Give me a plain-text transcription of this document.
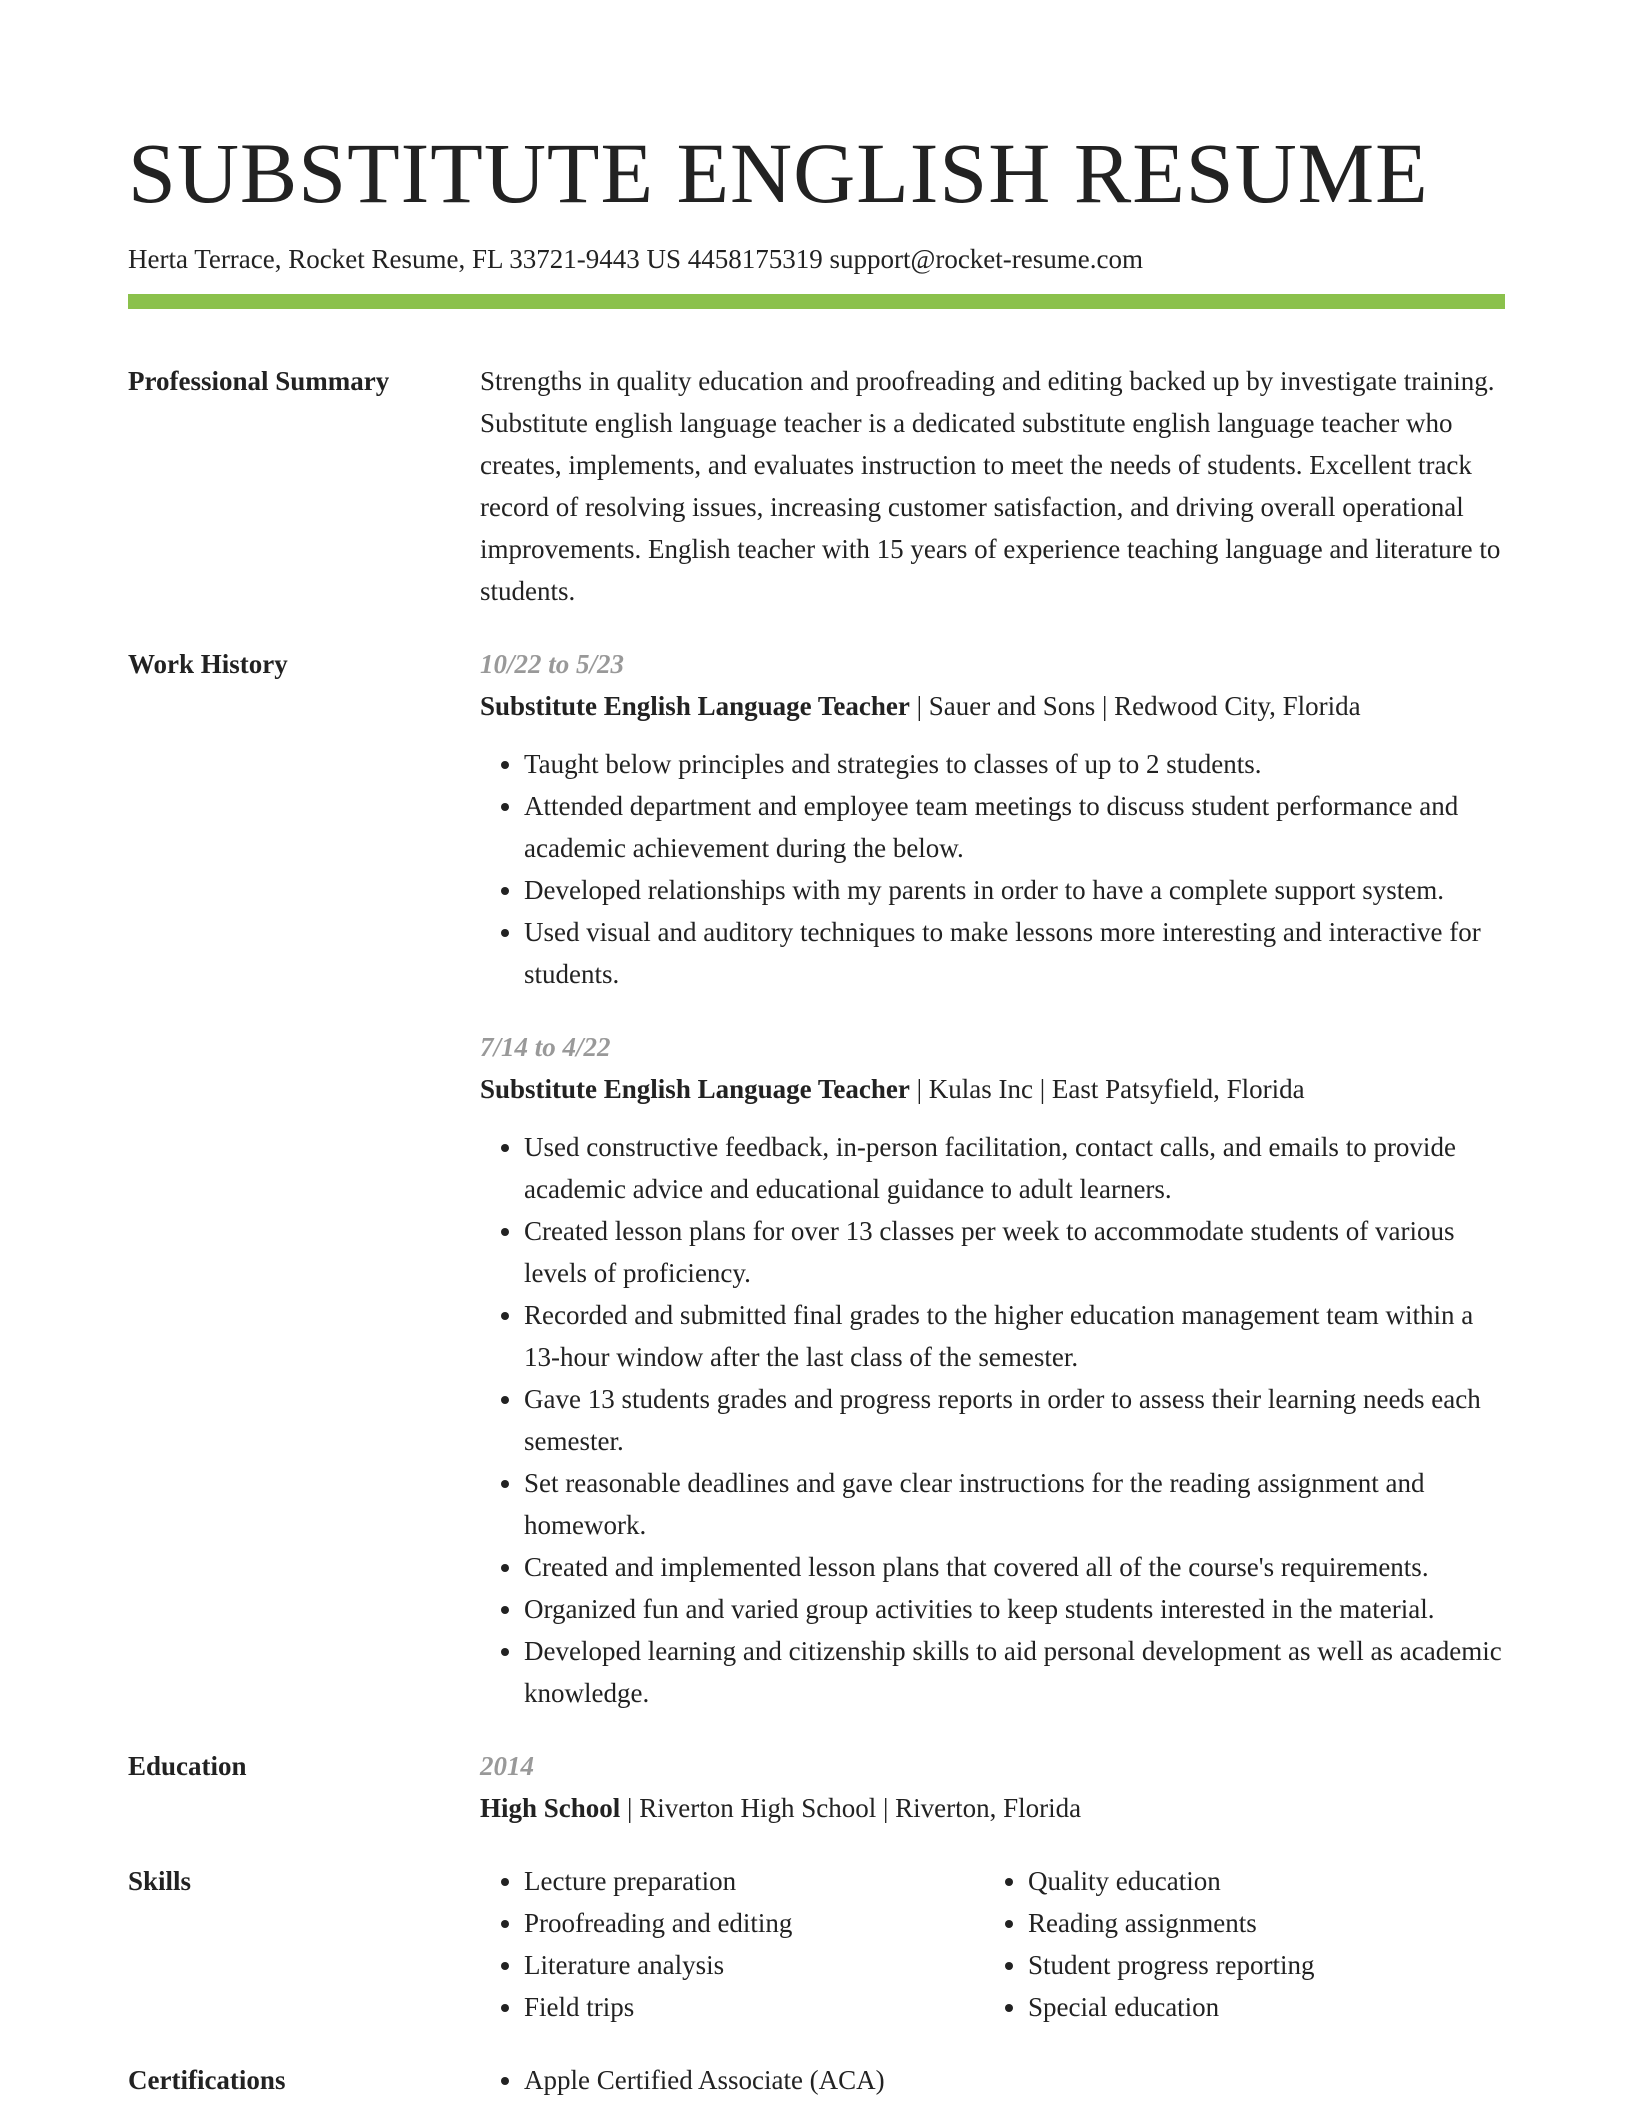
SUBSTITUTE ENGLISH RESUME
Herta Terrace, Rocket Resume, FL 33721-9443 US 4458175319 support@rocket-resume.com
Professional Summary	Strengths in quality education and proofreading and editing backed up by investigate training. Substitute english language teacher is a dedicated substitute english language teacher who creates, implements, and evaluates instruction to meet the needs of students. Excellent track record of resolving issues, increasing customer satisfaction, and driving overall operational improvements. English teacher with 15 years of experience teaching language and literature to students.
Work History	10/22 to 5/23
Substitute English Language Teacher | Sauer and Sons | Redwood City, Florida
• Taught below principles and strategies to classes of up to 2 students.
• Attended department and employee team meetings to discuss student performance and academic achievement during the below.
• Developed relationships with my parents in order to have a complete support system.
• Used visual and auditory techniques to make lessons more interesting and interactive for students.
7/14 to 4/22
Substitute English Language Teacher | Kulas Inc | East Patsyfield, Florida
• Used constructive feedback, in-person facilitation, contact calls, and emails to provide academic advice and educational guidance to adult learners.
• Created lesson plans for over 13 classes per week to accommodate students of various levels of proficiency.
• Recorded and submitted final grades to the higher education management team within a 13-hour window after the last class of the semester.
• Gave 13 students grades and progress reports in order to assess their learning needs each semester.
• Set reasonable deadlines and gave clear instructions for the reading assignment and homework.
• Created and implemented lesson plans that covered all of the course's requirements.
• Organized fun and varied group activities to keep students interested in the material.
• Developed learning and citizenship skills to aid personal development as well as academic knowledge.
Education	2014
High School | Riverton High School | Riverton, Florida
Skills	• Lecture preparation
• Proofreading and editing
• Literature analysis
• Field trips
• Quality education
• Reading assignments
• Student progress reporting
• Special education
Certifications	• Apple Certified Associate (ACA)
